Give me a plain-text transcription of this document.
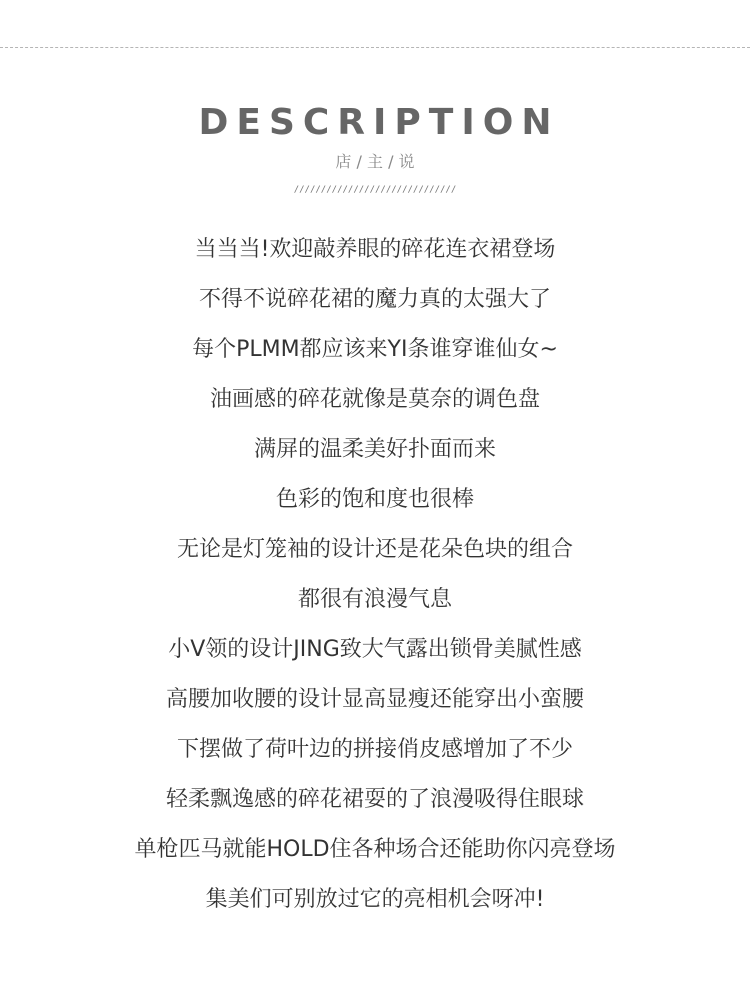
DESCRIPTION
店 / 主 / 说
//////////////////////////////
当当当!欢迎敲养眼的碎花连衣裙登场
不得不说碎花裙的魔力真的太强大了
每个PLMM都应该来YI条谁穿谁仙女~
油画感的碎花就像是莫奈的调色盘
满屏的温柔美好扑面而来
色彩的饱和度也很棒
无论是灯笼袖的设计还是花朵色块的组合
都很有浪漫气息
小V领的设计JING致大气露出锁骨美腻性感
高腰加收腰的设计显高显瘦还能穿出小蛮腰
下摆做了荷叶边的拼接俏皮感增加了不少
轻柔飘逸感的碎花裙耍的了浪漫吸得住眼球
单枪匹马就能HOLD住各种场合还能助你闪亮登场
集美们可别放过它的亮相机会呀冲!
